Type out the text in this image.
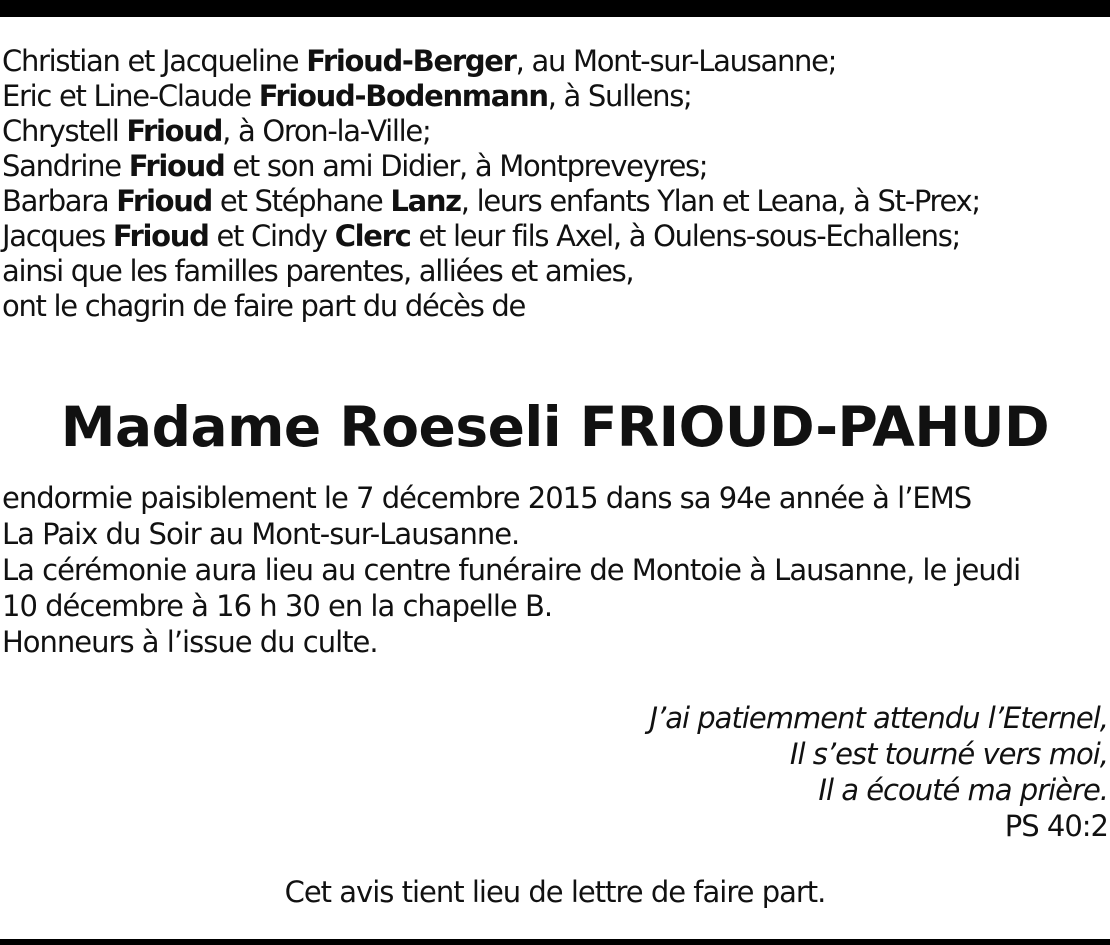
Christian et Jacqueline Frioud-Berger, au Mont-sur-Lausanne;
Eric et Line-Claude Frioud-Bodenmann, à Sullens;
Chrystell Frioud, à Oron-la-Ville;
Sandrine Frioud et son ami Didier, à Montpreveyres;
Barbara Frioud et Stéphane Lanz, leurs enfants Ylan et Leana, à St-Prex;
Jacques Frioud et Cindy Clerc et leur fils Axel, à Oulens-sous-Echallens;
ainsi que les familles parentes, alliées et amies,
ont le chagrin de faire part du décès de
Madame Roeseli FRIOUD-PAHUD
endormie paisiblement le 7 décembre 2015 dans sa 94e année à l’EMS
La Paix du Soir au Mont-sur-Lausanne.
La cérémonie aura lieu au centre funéraire de Montoie à Lausanne, le jeudi
10 décembre à 16 h 30 en la chapelle B.
Honneurs à l’issue du culte.
J’ai patiemment attendu l’Eternel,
Il s’est tourné vers moi,
Il a écouté ma prière.
PS 40:2
Cet avis tient lieu de lettre de faire part.
